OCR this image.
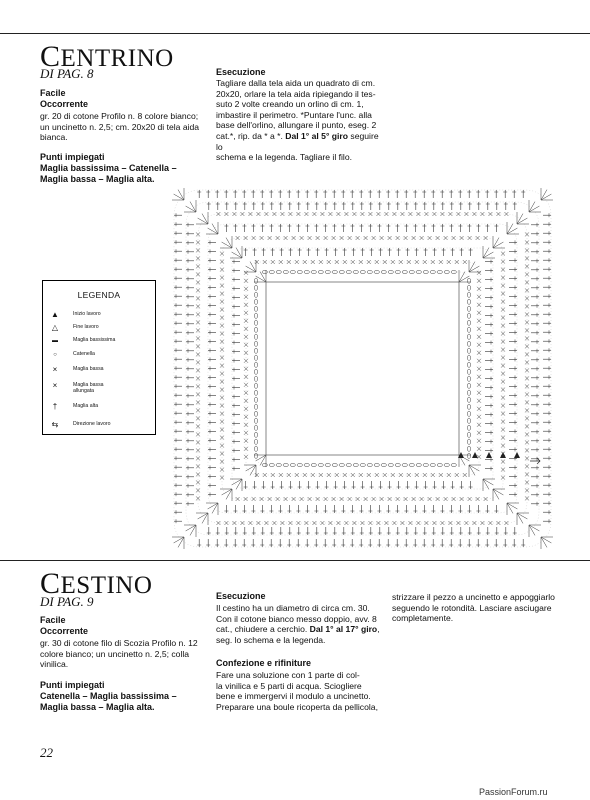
CENTRINO
DI PAG. 8
Facile
Occorrente
gr. 20 di cotone Profilo n. 8 colore bianco;
un uncinetto n. 2,5; cm. 20x20 di tela aida
bianca.
Punti impiegati
Maglia bassissima – Catenella –
Maglia bassa – Maglia alta.
Esecuzione
Tagliare dalla tela aida un quadrato di cm.
20x20, orlare la tela aida ripiegando il tes-
suto 2 volte creando un orlino di cm. 1,
imbastire il perimetro. *Puntare l'unc. alla
base dell'orlino, allungare il punto, eseg. 2
cat.*, rip. da * a *. Dal 1° al 5° giro seguire lo
schema e la legenda. Tagliare il filo.
LEGENDA
▲	Inizio lavoro
△	Fine lavoro
▬	Maglia bassissima
○	Catenella
×	Maglia bassa
×	Maglia bassa allungata
†	Maglia alta
⇆	Direzione lavoro
CESTINO
DI PAG. 9
Facile
Occorrente
gr. 30 di cotone filo di Scozia Profilo n. 12
colore bianco; un uncinetto n. 2,5; colla
vinilica.
Punti impiegati
Catenella – Maglia bassissima –
Maglia bassa – Maglia alta.
Esecuzione
Il cestino ha un diametro di circa cm. 30.
Con il cotone bianco messo doppio, avv. 8
cat., chiudere a cerchio. Dal 1° al 17° giro,
seg. lo schema e la legenda.
Confezione e rifiniture
Fare una soluzione con 1 parte di col-
la vinilica e 5 parti di acqua. Sciogliere
bene e immergervi il modulo a uncinetto.
Preparare una boule ricoperta da pellicola,
strizzare il pezzo a uncinetto e appoggiarlo
seguendo le rotondità. Lasciare asciugare
completamente.
22
PassionForum.ru
